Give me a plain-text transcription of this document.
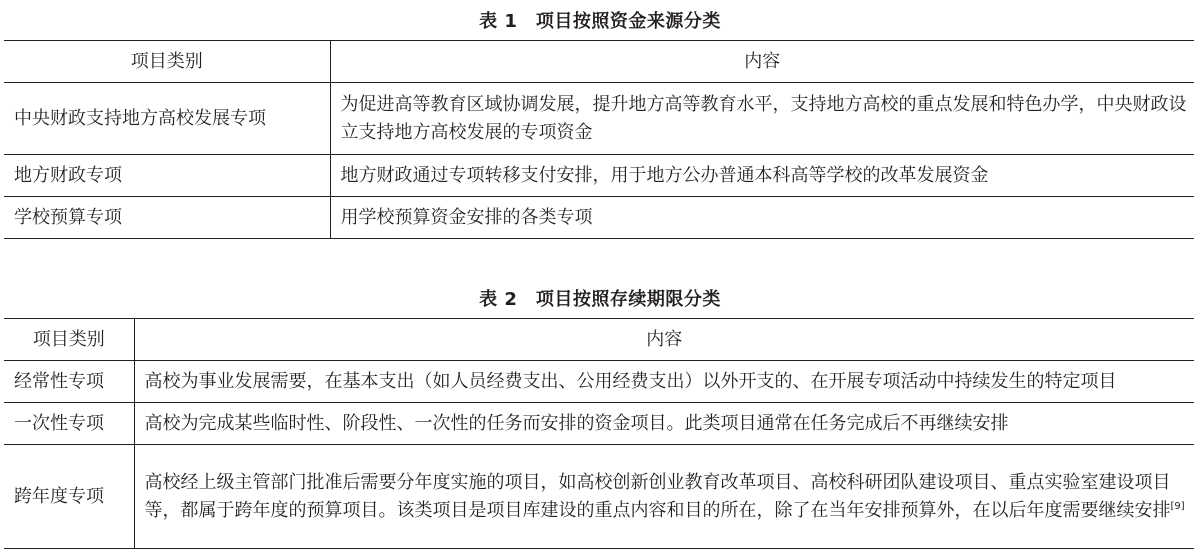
表 1　项目按照资金来源分类
项目类别	内容
中央财政支持地方高校发展专项	为促进高等教育区域协调发展，提升地方高等教育水平，支持地方高校的重点发展和特色办学，中央财政设立支持地方高校发展的专项资金
地方财政专项	地方财政通过专项转移支付安排，用于地方公办普通本科高等学校的改革发展资金
学校预算专项	用学校预算资金安排的各类专项
表 2　项目按照存续期限分类
项目类别	内容
经常性专项	高校为事业发展需要，在基本支出（如人员经费支出、公用经费支出）以外开支的、在开展专项活动中持续发生的特定项目
一次性专项	高校为完成某些临时性、阶段性、一次性的任务而安排的资金项目。此类项目通常在任务完成后不再继续安排
跨年度专项	高校经上级主管部门批准后需要分年度实施的项目，如高校创新创业教育改革项目、高校科研团队建设项目、重点实验室建设项目等，都属于跨年度的预算项目。该类项目是项目库建设的重点内容和目的所在，除了在当年安排预算外，在以后年度需要继续安排[9]
